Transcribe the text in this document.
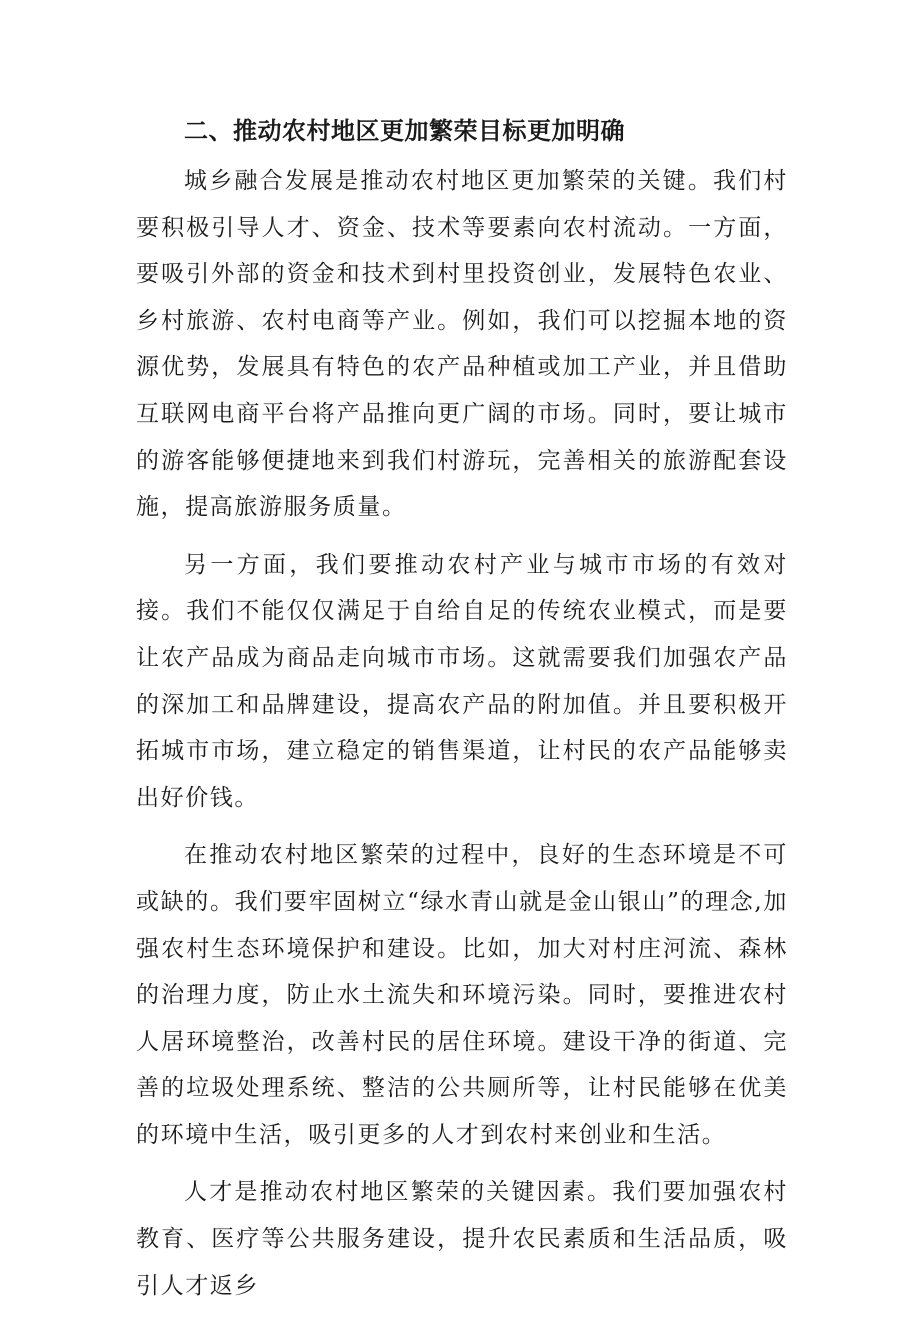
二、推动农村地区更加繁荣目标更加明确

城乡融合发展是推动农村地区更加繁荣的关键。我们村要积极引导人才、资金、技术等要素向农村流动。一方面，要吸引外部的资金和技术到村里投资创业，发展特色农业、乡村旅游、农村电商等产业。例如，我们可以挖掘本地的资源优势，发展具有特色的农产品种植或加工产业，并且借助互联网电商平台将产品推向更广阔的市场。同时，要让城市的游客能够便捷地来到我们村游玩，完善相关的旅游配套设施，提高旅游服务质量。

另一方面，我们要推动农村产业与城市市场的有效对接。我们不能仅仅满足于自给自足的传统农业模式，而是要让农产品成为商品走向城市市场。这就需要我们加强农产品的深加工和品牌建设，提高农产品的附加值。并且要积极开拓城市市场，建立稳定的销售渠道，让村民的农产品能够卖出好价钱。

在推动农村地区繁荣的过程中，良好的生态环境是不可或缺的。我们要牢固树立“绿水青山就是金山银山”的理念,加强农村生态环境保护和建设。比如，加大对村庄河流、森林的治理力度，防止水土流失和环境污染。同时，要推进农村人居环境整治，改善村民的居住环境。建设干净的街道、完善的垃圾处理系统、整洁的公共厕所等，让村民能够在优美的环境中生活，吸引更多的人才到农村来创业和生活。

人才是推动农村地区繁荣的关键因素。我们要加强农村教育、医疗等公共服务建设，提升农民素质和生活品质，吸引人才返乡
